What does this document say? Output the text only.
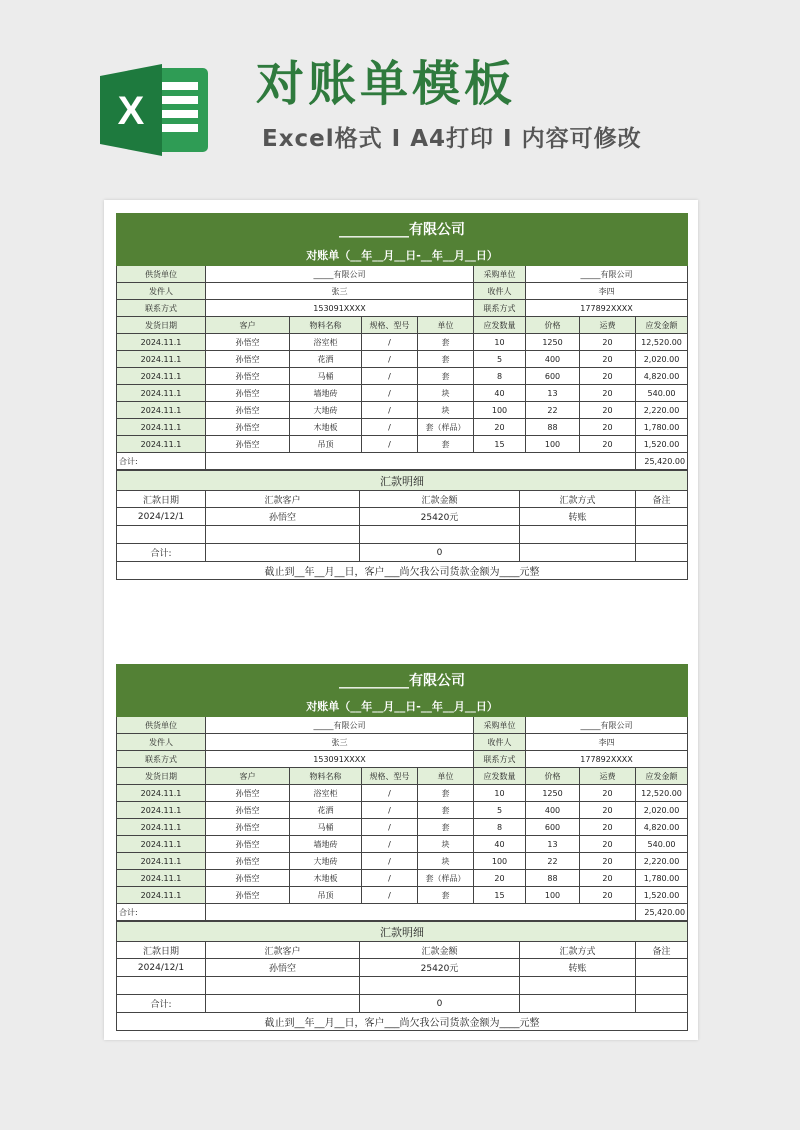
X 对账单模板
Excel格式 I A4打印 I 内容可修改
__________有限公司								
对账单（__年__月__日-__年__月__日）								
供货单位	_____有限公司				采购单位	_____有限公司		
发件人	张三				收件人	李四		
联系方式	153091XXXX				联系方式	177892XXXX		
发货日期	客户	物料名称	规格、型号	单位	应发数量	价格	运费	应发金额
2024.11.1	孙悟空	浴室柜	/	套	10	1250	20	12,520.00
2024.11.1	孙悟空	花洒	/	套	5	400	20	2,020.00
2024.11.1	孙悟空	马桶	/	套	8	600	20	4,820.00
2024.11.1	孙悟空	墙地砖	/	块	40	13	20	540.00
2024.11.1	孙悟空	大地砖	/	块	100	22	20	2,220.00
2024.11.1	孙悟空	木地板	/	套（样品）	20	88	20	1,780.00
2024.11.1	孙悟空	吊顶	/	套	15	100	20	1,520.00
合计:								25,420.00
汇款明细				
汇款日期	汇款客户	汇款金额	汇款方式	备注
2024/12/1	孙悟空	25420元	转账	

合计:		0		
截止到__年__月__日，客户___尚欠我公司货款金额为____元整				
__________有限公司								
对账单（__年__月__日-__年__月__日）								
供货单位	_____有限公司				采购单位	_____有限公司		
发件人	张三				收件人	李四		
联系方式	153091XXXX				联系方式	177892XXXX		
发货日期	客户	物料名称	规格、型号	单位	应发数量	价格	运费	应发金额
2024.11.1	孙悟空	浴室柜	/	套	10	1250	20	12,520.00
2024.11.1	孙悟空	花洒	/	套	5	400	20	2,020.00
2024.11.1	孙悟空	马桶	/	套	8	600	20	4,820.00
2024.11.1	孙悟空	墙地砖	/	块	40	13	20	540.00
2024.11.1	孙悟空	大地砖	/	块	100	22	20	2,220.00
2024.11.1	孙悟空	木地板	/	套（样品）	20	88	20	1,780.00
2024.11.1	孙悟空	吊顶	/	套	15	100	20	1,520.00
合计:								25,420.00
汇款明细				
汇款日期	汇款客户	汇款金额	汇款方式	备注
2024/12/1	孙悟空	25420元	转账	

合计:		0		
截止到__年__月__日，客户___尚欠我公司货款金额为____元整				
